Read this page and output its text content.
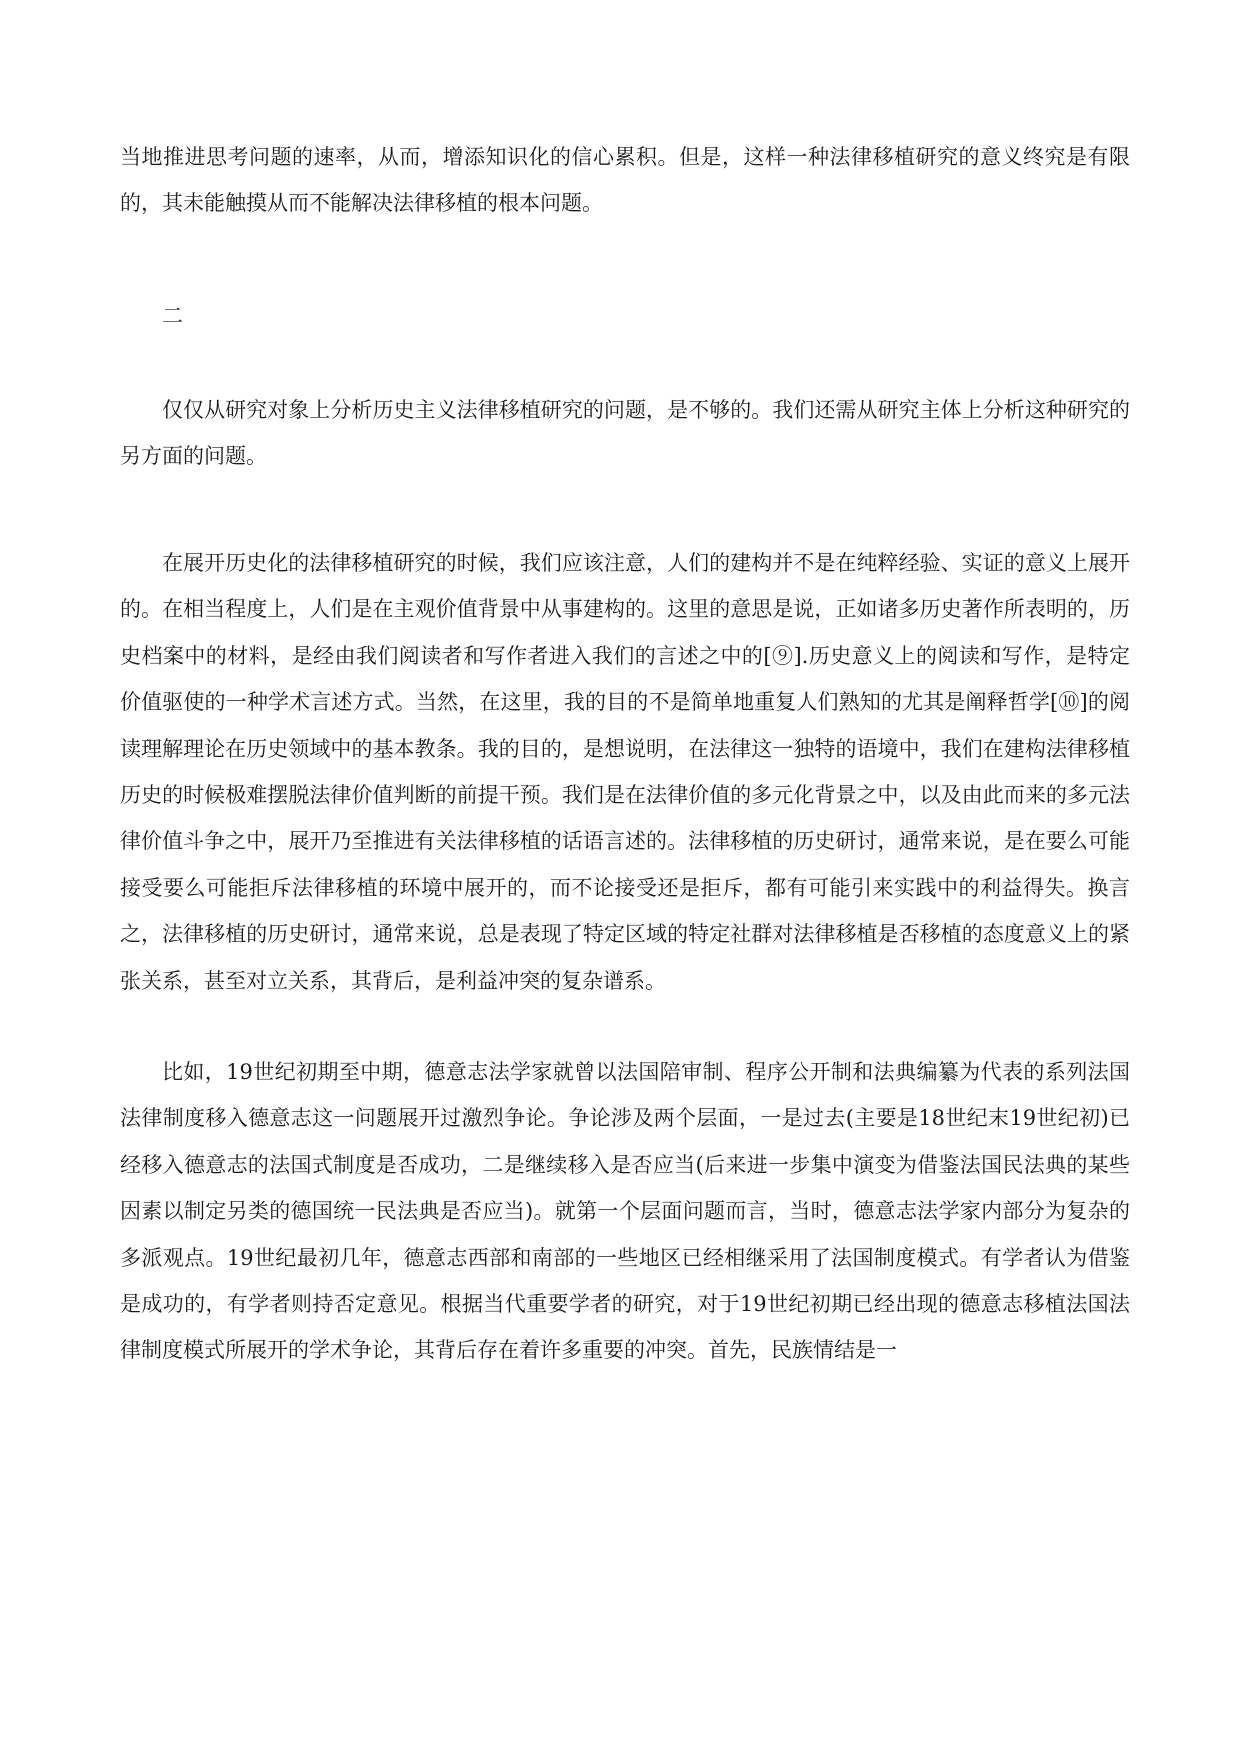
当地推进思考问题的速率，从而，增添知识化的信心累积。但是，这样一种法律移植研究的意义终究是有限的，其未能触摸从而不能解决法律移植的根本问题。

二

仅仅从研究对象上分析历史主义法律移植研究的问题，是不够的。我们还需从研究主体上分析这种研究的另方面的问题。

在展开历史化的法律移植研究的时候，我们应该注意，人们的建构并不是在纯粹经验、实证的意义上展开的。在相当程度上，人们是在主观价值背景中从事建构的。这里的意思是说，正如诸多历史著作所表明的，历史档案中的材料，是经由我们阅读者和写作者进入我们的言述之中的[⑨].历史意义上的阅读和写作，是特定价值驱使的一种学术言述方式。当然，在这里，我的目的不是简单地重复人们熟知的尤其是阐释哲学[⑩]的阅读理解理论在历史领域中的基本教条。我的目的，是想说明，在法律这一独特的语境中，我们在建构法律移植历史的时候极难摆脱法律价值判断的前提干预。我们是在法律价值的多元化背景之中，以及由此而来的多元法律价值斗争之中，展开乃至推进有关法律移植的话语言述的。法律移植的历史研讨，通常来说，是在要么可能接受要么可能拒斥法律移植的环境中展开的，而不论接受还是拒斥，都有可能引来实践中的利益得失。换言之，法律移植的历史研讨，通常来说，总是表现了特定区域的特定社群对法律移植是否移植的态度意义上的紧张关系，甚至对立关系，其背后，是利益冲突的复杂谱系。

比如，19世纪初期至中期，德意志法学家就曾以法国陪审制、程序公开制和法典编纂为代表的系列法国法律制度移入德意志这一问题展开过激烈争论。争论涉及两个层面，一是过去(主要是18世纪末19世纪初)已经移入德意志的法国式制度是否成功，二是继续移入是否应当(后来进一步集中演变为借鉴法国民法典的某些因素以制定另类的德国统一民法典是否应当)。就第一个层面问题而言，当时，德意志法学家内部分为复杂的多派观点。19世纪最初几年，德意志西部和南部的一些地区已经相继采用了法国制度模式。有学者认为借鉴是成功的，有学者则持否定意见。根据当代重要学者的研究，对于19世纪初期已经出现的德意志移植法国法律制度模式所展开的学术争论，其背后存在着许多重要的冲突。首先，民族情结是一
